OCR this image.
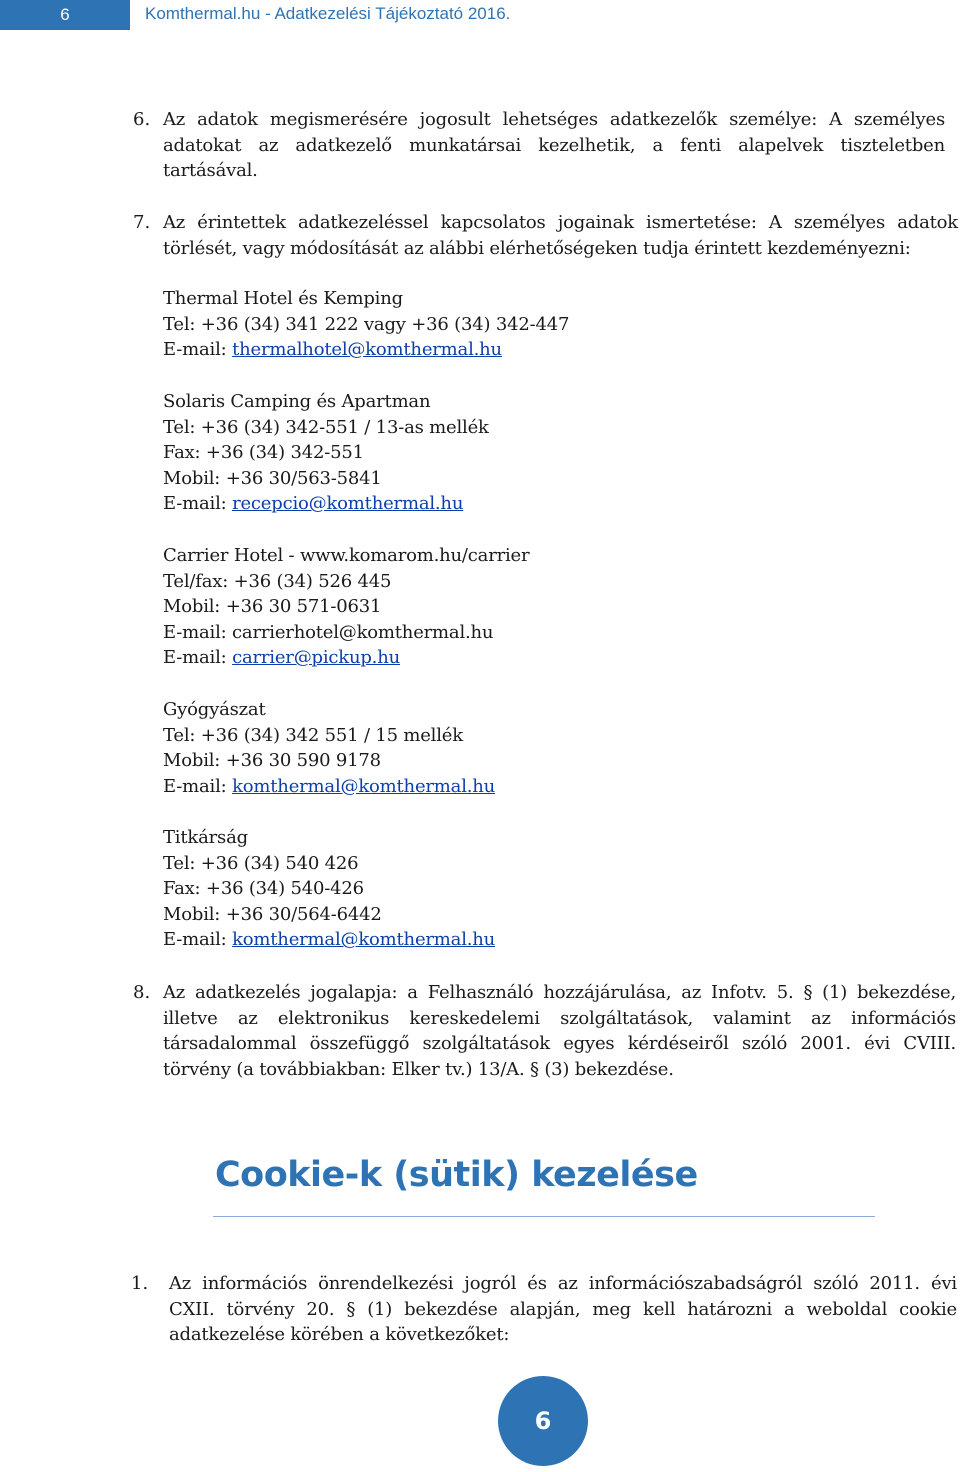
6	Komthermal.hu - Adatkezelési Tájékoztató 2016.
6. Az adatok megismerésére jogosult lehetséges adatkezelők személye: A személyes adatokat az adatkezelő munkatársai kezelhetik, a fenti alapelvek tiszteletben tartásával.
7. Az érintettek adatkezeléssel kapcsolatos jogainak ismertetése: A személyes adatok törlését, vagy módosítását az alábbi elérhetőségeken tudja érintett kezdeményezni:
Thermal Hotel és Kemping
Tel: +36 (34) 341 222 vagy +36 (34) 342-447
E-mail: thermalhotel@komthermal.hu
Solaris Camping és Apartman
Tel: +36 (34) 342-551 / 13-as mellék
Fax: +36 (34) 342-551
Mobil: +36 30/563-5841
E-mail: recepcio@komthermal.hu
Carrier Hotel - www.komarom.hu/carrier
Tel/fax: +36 (34) 526 445
Mobil: +36 30 571-0631
E-mail: carrierhotel@komthermal.hu
E-mail: carrier@pickup.hu
Gyógyászat
Tel: +36 (34) 342 551 / 15 mellék
Mobil: +36 30 590 9178
E-mail: komthermal@komthermal.hu
Titkárság
Tel: +36 (34) 540 426
Fax: +36 (34) 540-426
Mobil: +36 30/564-6442
E-mail: komthermal@komthermal.hu
8. Az adatkezelés jogalapja: a Felhasználó hozzájárulása, az Infotv. 5. § (1) bekezdése, illetve az elektronikus kereskedelemi szolgáltatások, valamint az információs társadalommal összefüggő szolgáltatások egyes kérdéseiről szóló 2001. évi CVIII. törvény (a továbbiakban: Elker tv.) 13/A. § (3) bekezdése.
Cookie-k (sütik) kezelése
1. Az információs önrendelkezési jogról és az információszabadságról szóló 2011. évi CXII. törvény 20. § (1) bekezdése alapján, meg kell határozni a weboldal cookie adatkezelése körében a következőket:
6
